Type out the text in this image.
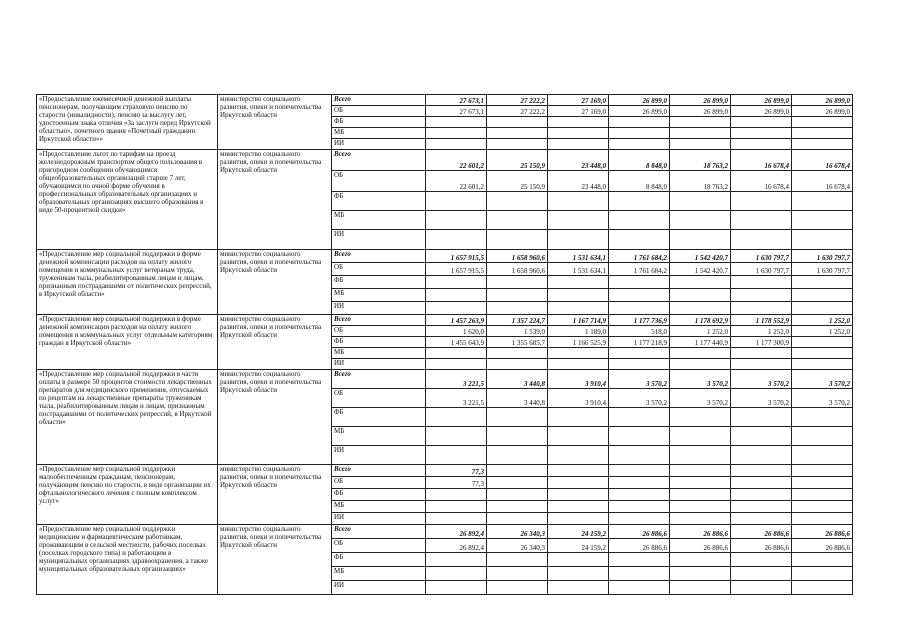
«Предоставление ежемесячной денежной выплаты пенсионерам, получающим страховую пенсию по старости (инвалидности), пенсию за выслугу лет, удостоенным знака отличия «За заслуги перед Иркутской областью», почетного звания «Почетный гражданин Иркутской области»»	министерство социального развития, опеки и попечительства Иркутской области	Всего	27 673,1	27 222,2	27 169,0	26 899,0	26 899,0	26 899,0	26 899,0
		ОБ	27 673,1	27 222,2	27 169,0	26 899,0	26 899,0	26 899,0	26 899,0
		ФБ							
		МБ							
		ИИ							
«Предоставление льгот по тарифам на проезд железнодорожным транспортом общего пользования в пригородном сообщении обучающимся общеобразовательных организаций старше 7 лет, обучающимся по очной форме обучения в профессиональных образовательных организациях и образовательных организациях высшего образования в виде 50-процентной скидки»	министерство социального развития, опеки и попечительства Иркутской области	Всего	22 601,2	25 150,9	23 448,0	8 848,0	18 763,2	16 678,4	16 678,4
		ОБ	22 601,2	25 150,9	23 448,0	8 848,0	18 763,2	16 678,4	16 678,4
		ФБ							
		МБ							
		ИИ							
«Предоставление мер социальной поддержки в форме денежной компенсации расходов на оплату жилого помещения и коммунальных услуг ветеранам труда, труженикам тыла, реабилитированным лицам и лицам, признанным пострадавшими от политических репрессий, в Иркутской области»	министерство социального развития, опеки и попечительства Иркутской области	Всего	1 657 915,5	1 658 960,6	1 531 634,1	1 761 684,2	1 542 420,7	1 630 797,7	1 630 797,7
		ОБ	1 657 915,5	1 658 960,6	1 531 634,1	1 761 684,2	1 542 420,7	1 630 797,7	1 630 797,7
		ФБ							
		МБ							
		ИИ							
«Предоставление мер социальной поддержки в форме денежной компенсации расходов на оплату жилого помещения и коммунальных услуг отдельным категориям граждан в Иркутской области»	министерство социального развития, опеки и попечительства Иркутской области	Всего	1 457 263,9	1 357 224,7	1 167 714,9	1 177 736,9	1 178 692,9	1 178 552,9	1 252,0
		ОБ	1 620,0	1 539,0	1 189,0	518,0	1 252,0	1 252,0	1 252,0
		ФБ	1 455 643,9	1 355 685,7	1 166 525,9	1 177 218,9	1 177 440,9	1 177 300,9	
		МБ							
		ИИ							
«Предоставление мер социальной поддержки в части оплаты в размере 50 процентов стоимости лекарственных препаратов для медицинского применения, отпускаемых по рецептам на лекарственные препараты труженикам тыла, реабилитированным лицам и лицам, признанным пострадавшими от политических репрессий, в Иркутской области»	министерство социального развития, опеки и попечительства Иркутской области	Всего	3 221,5	3 440,8	3 910,4	3 570,2	3 570,2	3 570,2	3 570,2
		ОБ	3 221,5	3 440,8	3 910,4	3 570,2	3 570,2	3 570,2	3 570,2
		ФБ							
		МБ							
		ИИ							
«Предоставление мер социальной поддержки малообеспеченным гражданам, пенсионерам, получающим пенсию по старости, в виде организации их офтальмологического лечения с полным комплексом услуг»	министерство социального развития, опеки и попечительства Иркутской области	Всего	77,3						
		ОБ	77,3						
		ФБ							
		МБ							
		ИИ							
«Предоставление мер социальной поддержки медицинским и фармацевтическим работникам, проживающим в сельской местности, рабочих поселках (поселках городского типа) и работающим в муниципальных организациях здравоохранения, а также муниципальных образовательных организациях»	министерство социального развития, опеки и попечительства Иркутской области	Всего	26 892,4	26 340,3	24 159,2	26 886,6	26 886,6	26 886,6	26 886,6
		ОБ	26 892,4	26 340,3	24 159,2	26 886,6	26 886,6	26 886,6	26 886,6
		ФБ							
		МБ							
		ИИ							
